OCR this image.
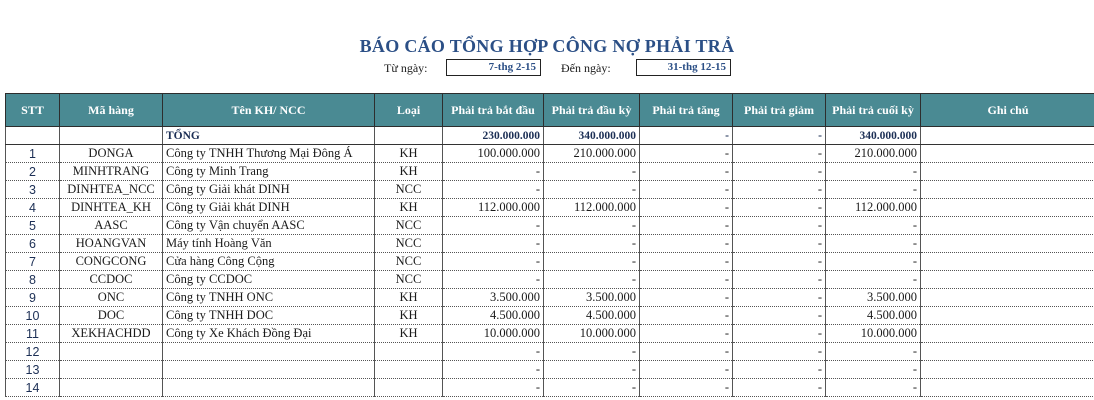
BÁO CÁO TỔNG HỢP CÔNG NỢ PHẢI TRẢ
Từ ngày:	7-thg 2-15	Đến ngày:	31-thg 12-15
STT	Mã hàng	Tên KH/ NCC	Loại	Phải trả bắt đầu	Phải trả đầu kỳ	Phải trả tăng	Phải trả giảm	Phải trả cuối kỳ	Ghi chú
		TỔNG		230.000.000	340.000.000	-	-	340.000.000	
1	DONGA	Công ty TNHH Thương Mại Đông Á	KH	100.000.000	210.000.000	-	-	210.000.000	
2	MINHTRANG	Công ty Minh Trang	KH	-	-	-	-	-	
3	DINHTEA_NCC	Công ty Giải khát DINH	NCC	-	-	-	-	-	
4	DINHTEA_KH	Công ty Giải khát DINH	KH	112.000.000	112.000.000	-	-	112.000.000	
5	AASC	Công ty Vận chuyển AASC	NCC	-	-	-	-	-	
6	HOANGVAN	Máy tính Hoàng Văn	NCC	-	-	-	-	-	
7	CONGCONG	Cửa hàng Công Cộng	NCC	-	-	-	-	-	
8	CCDOC	Công ty CCDOC	NCC	-	-	-	-	-	
9	ONC	Công ty TNHH ONC	KH	3.500.000	3.500.000	-	-	3.500.000	
10	DOC	Công ty TNHH DOC	KH	4.500.000	4.500.000	-	-	4.500.000	
11	XEKHACHDD	Công ty Xe Khách Đồng Đại	KH	10.000.000	10.000.000	-	-	10.000.000	
12				-	-	-	-	-	
13				-	-	-	-	-	
14				-	-	-	-	-	
